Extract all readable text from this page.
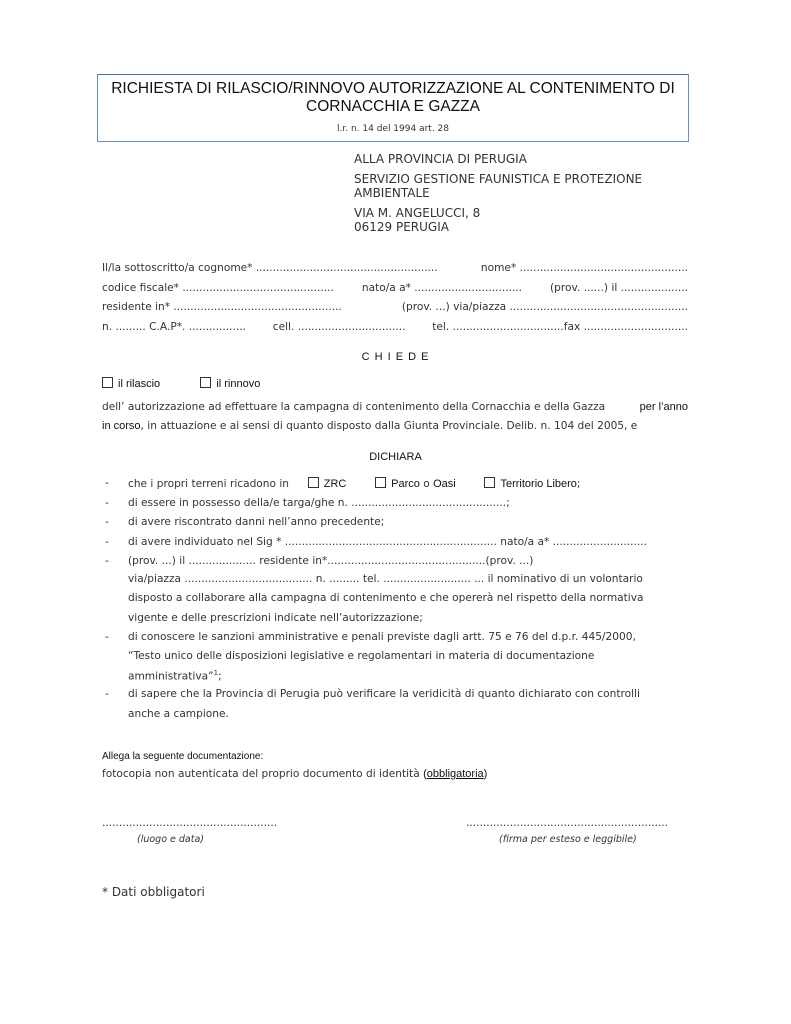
RICHIESTA DI RILASCIO/RINNOVO AUTORIZZAZIONE AL CONTENIMENTO DI
CORNACCHIA E GAZZA
l.r. n. 14 del 1994 art. 28
ALLA PROVINCIA DI PERUGIA
SERVIZIO GESTIONE FAUNISTICA E PROTEZIONE
AMBIENTALE
VIA M. ANGELUCCI, 8
06129 PERUGIA
Il/la sottoscritto/a cognome* ......................................................	nome* ..................................................
codice fiscale* .............................................	nato/a a* ................................	(prov. ......) il ....................
residente in* ..................................................	(prov. ...) via/piazza .....................................................
n. ......... C.A.P*. .................	cell. ................................	tel. .................................fax ...............................
C H I E D E
il rilascio	il rinnovo
dell’ autorizzazione ad effettuare la campagna di contenimento della Cornacchia e della Gazza	per l’anno
in corso, in attuazione e ai sensi di quanto disposto dalla Giunta Provinciale. Delib. n. 104 del 2005, e
DICHIARA
- che i propri terreni ricadono in	ZRC	Parco o Oasi	Territorio Libero;
- di essere in possesso della/e targa/ghe n. ..............................................;
- di avere riscontrato danni nell’anno precedente;
- di avere individuato nel Sig * ............................................................... nato/a a* ............................
- (prov. ...) il .................... residente in*...............................................(prov. ...)
via/piazza ...................................... n. ......... tel. .......................... ... il nominativo di un volontario
disposto a collaborare alla campagna di contenimento e che opererà nel rispetto della normativa
vigente e delle prescrizioni indicate nell’autorizzazione;
- di conoscere le sanzioni amministrative e penali previste dagli artt. 75 e 76 del d.p.r. 445/2000,
“Testo unico delle disposizioni legislative e regolamentari in materia di documentazione
amministrativa”$^1$;
- di sapere che la Provincia di Perugia può verificare la veridicità di quanto dichiarato con controlli
anche a campione.
Allega la seguente documentazione:
fotocopia non autenticata del proprio documento di identità (obbligatoria)
....................................................	............................................................
(luogo e data)	(firma per esteso e leggibile)
* Dati obbligatori
